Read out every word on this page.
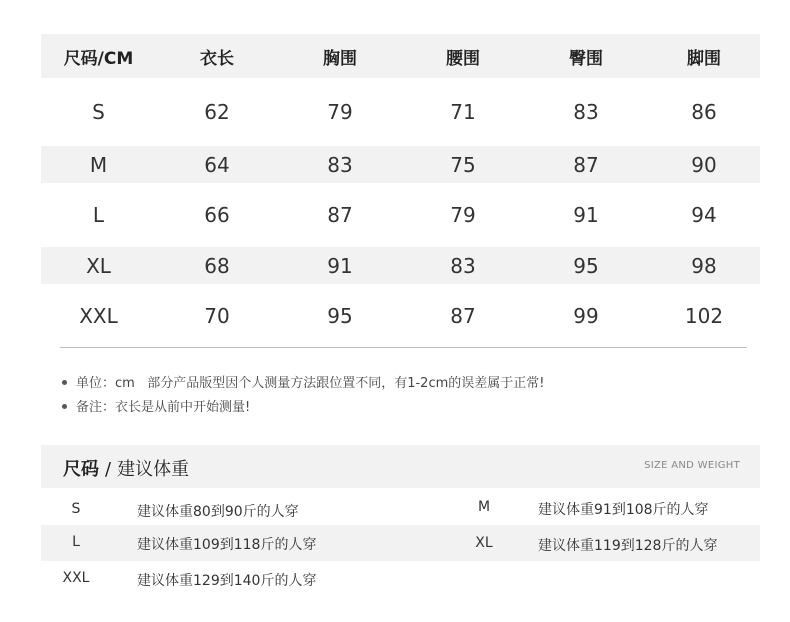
尺码/CM	衣长	胸围	腰围	臀围	脚围
S	62	79	71	83	86
M	64	83	75	87	90
L	66	87	79	91	94
XL	68	91	83	95	98
XXL	70	95	87	99	102
单位：cm   部分产品版型因个人测量方法跟位置不同，有1-2cm的误差属于正常!
备注：衣长是从前中开始测量!
尺码 / 建议体重	SIZE AND WEIGHT
S	建议体重80到90斤的人穿	M	建议体重91到108斤的人穿
L	建议体重109到118斤的人穿	XL	建议体重119到128斤的人穿
XXL	建议体重129到140斤的人穿
